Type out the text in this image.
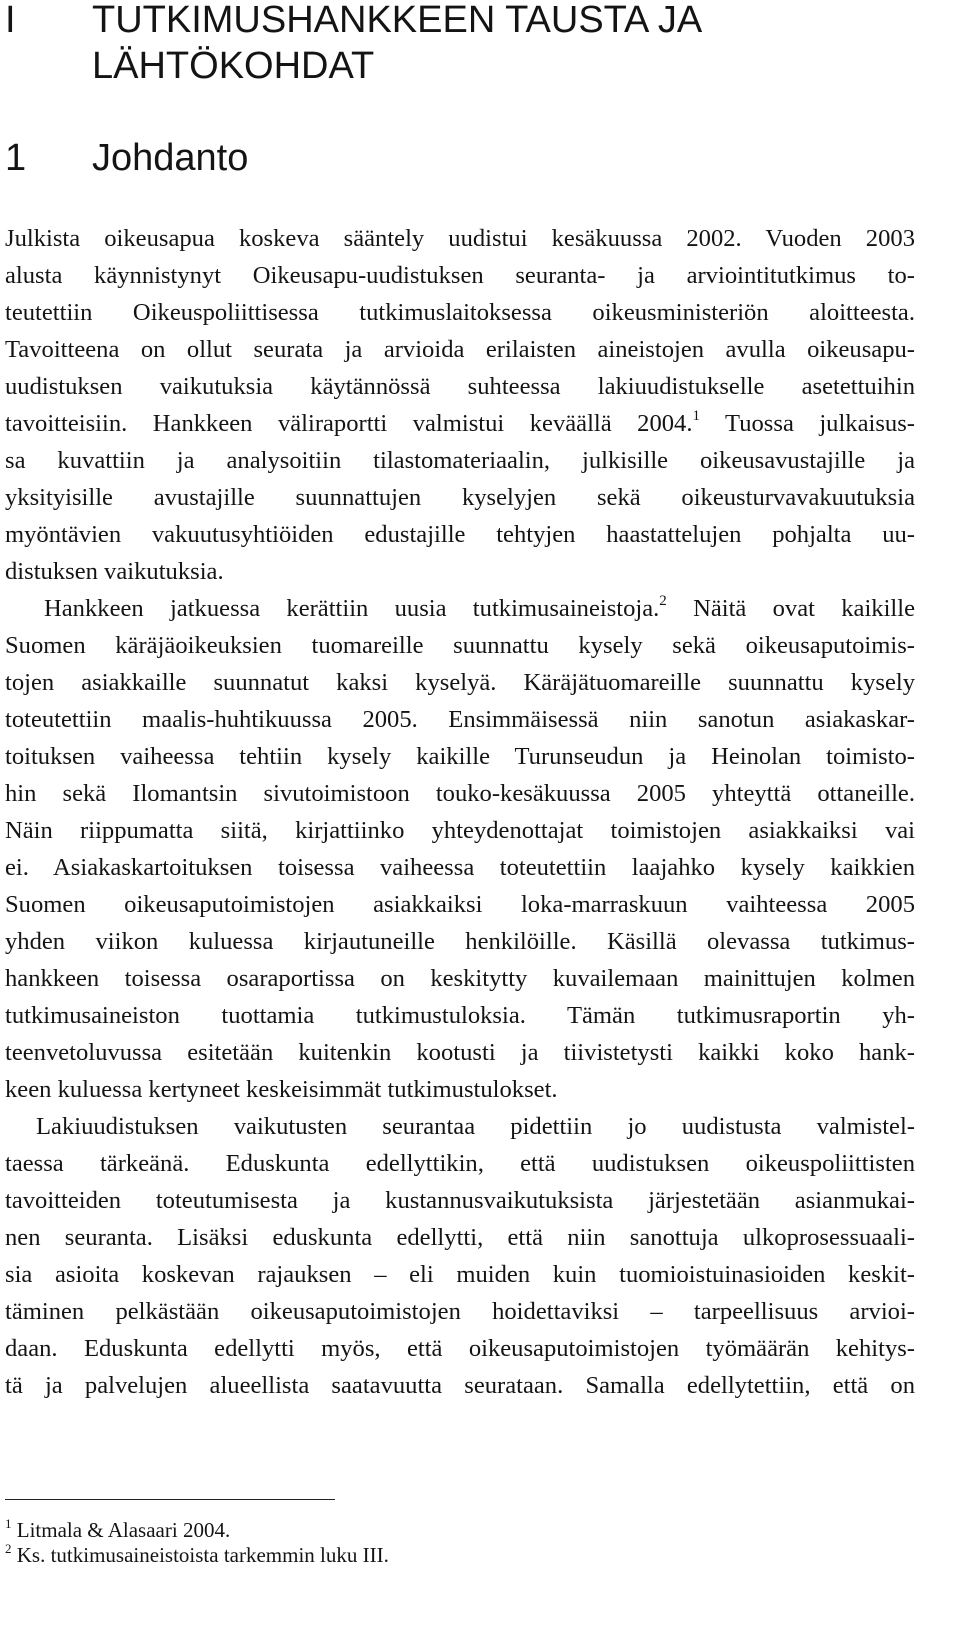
I TUTKIMUSHANKKEEN TAUSTA JA
LÄHTÖKOHDAT
1 Johdanto
Julkista oikeusapua koskeva sääntely uudistui kesäkuussa 2002. Vuoden 2003
alusta käynnistynyt Oikeusapu-uudistuksen seuranta- ja arviointitutkimus to-
teutettiin Oikeuspoliittisessa tutkimuslaitoksessa oikeusministeriön aloitteesta.
Tavoitteena on ollut seurata ja arvioida erilaisten aineistojen avulla oikeusapu-
uudistuksen vaikutuksia käytännössä suhteessa lakiuudistukselle asetettuihin
tavoitteisiin. Hankkeen väliraportti valmistui keväällä 2004.$^1$ Tuossa julkaisus-
sa kuvattiin ja analysoitiin tilastomateriaalin, julkisille oikeusavustajille ja
yksityisille avustajille suunnattujen kyselyjen sekä oikeusturvavakuutuksia
myöntävien vakuutusyhtiöiden edustajille tehtyjen haastattelujen pohjalta uu-
distuksen vaikutuksia.
Hankkeen jatkuessa kerättiin uusia tutkimusaineistoja.$^2$ Näitä ovat kaikille
Suomen käräjäoikeuksien tuomareille suunnattu kysely sekä oikeusaputoimis-
tojen asiakkaille suunnatut kaksi kyselyä. Käräjätuomareille suunnattu kysely
toteutettiin maalis-huhtikuussa 2005. Ensimmäisessä niin sanotun asiakaskar-
toituksen vaiheessa tehtiin kysely kaikille Turunseudun ja Heinolan toimisto-
hin sekä Ilomantsin sivutoimistoon touko-kesäkuussa 2005 yhteyttä ottaneille.
Näin riippumatta siitä, kirjattiinko yhteydenottajat toimistojen asiakkaiksi vai
ei. Asiakaskartoituksen toisessa vaiheessa toteutettiin laajahko kysely kaikkien
Suomen oikeusaputoimistojen asiakkaiksi loka-marraskuun vaihteessa 2005
yhden viikon kuluessa kirjautuneille henkilöille. Käsillä olevassa tutkimus-
hankkeen toisessa osaraportissa on keskitytty kuvailemaan mainittujen kolmen
tutkimusaineiston tuottamia tutkimustuloksia. Tämän tutkimusraportin yh-
teenvetoluvussa esitetään kuitenkin kootusti ja tiivistetysti kaikki koko hank-
keen kuluessa kertyneet keskeisimmät tutkimustulokset.
Lakiuudistuksen vaikutusten seurantaa pidettiin jo uudistusta valmistel-
taessa tärkeänä. Eduskunta edellyttikin, että uudistuksen oikeuspoliittisten
tavoitteiden toteutumisesta ja kustannusvaikutuksista järjestetään asianmukai-
nen seuranta. Lisäksi eduskunta edellytti, että niin sanottuja ulkoprosessuaali-
sia asioita koskevan rajauksen – eli muiden kuin tuomioistuinasioiden keskit-
täminen pelkästään oikeusaputoimistojen hoidettaviksi – tarpeellisuus arvioi-
daan. Eduskunta edellytti myös, että oikeusaputoimistojen työmäärän kehitys-
tä ja palvelujen alueellista saatavuutta seurataan. Samalla edellytettiin, että on
$^1$ Litmala & Alasaari 2004.
$^2$ Ks. tutkimusaineistoista tarkemmin luku III.
